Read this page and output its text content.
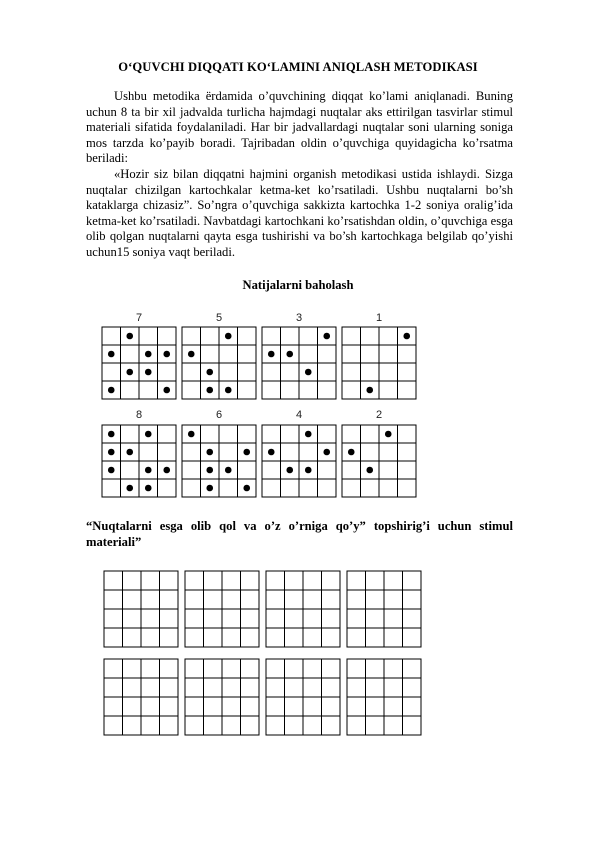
O‘QUVCHI DIQQATI KO‘LAMINI ANIQLASH METODIKASI

Ushbu metodika ërdamida o’quvchining diqqat ko’lami aniqlanadi. Buning uchun 8 ta bir xil jadvalda turlicha hajmdagi nuqtalar aks ettirilgan tasvirlar stimul materiali sifatida foydalaniladi. Har bir jadvallardagi nuqtalar soni ularning soniga mos tarzda ko’payib boradi. Tajribadan oldin o’quvchiga quyidagicha ko’rsatma beriladi:

«Hozir siz bilan diqqatni hajmini organish metodikasi ustida ishlaydi. Sizga nuqtalar chizilgan kartochkalar ketma-ket ko’rsatiladi. Ushbu nuqtalarni bo’sh kataklarga chizasiz”. So’ngra o’quvchiga sakkizta kartochka 1-2 soniya oralig’ida ketma-ket ko’rsatiladi. Navbatdagi kartochkani ko’rsatishdan oldin, o’quvchiga esga olib qolgan nuqtalarni qayta esga tushirishi va bo’sh kartochkaga belgilab qo’yishi uchun15 soniya vaqt beriladi.

Natijalarni baholash

“Nuqtalarni esga olib qol va o’z o’rniga qo’y” topshirig’i uchun stimul materiali”

7	5	3	1
8	6	4	2
